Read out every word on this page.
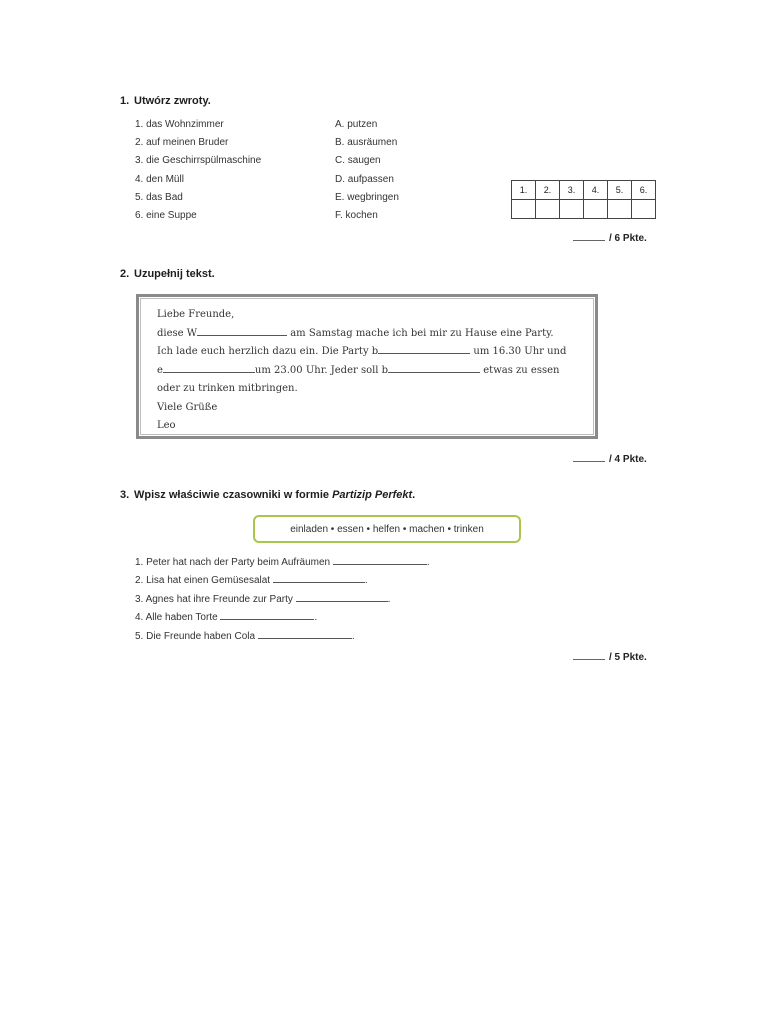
1. Utwórz zwroty.
1. das Wohnzimmer
2. auf meinen Bruder
3. die Geschirrspülmaschine
4. den Müll
5. das Bad
6. eine Suppe
A. putzen
B. ausräumen
C. saugen
D. aufpassen
E. wegbringen
F. kochen
1.	2.	3.	4.	5.	6.

/ 6 Pkte.
2. Uzupełnij tekst.
Liebe Freunde,
diese W	am Samstag mache ich bei mir zu Hause eine Party.
Ich lade euch herzlich dazu ein. Die Party b	um 16.30 Uhr und
e	um 23.00 Uhr. Jeder soll b	etwas zu essen
oder zu trinken mitbringen.
Viele Grüße
Leo
/ 4 Pkte.
3. Wpisz właściwie czasowniki w formie Partizip Perfekt.
einladen • essen • helfen • machen • trinken
1. Peter hat nach der Party beim Aufräumen	.
2. Lisa hat einen Gemüsesalat	.
3. Agnes hat ihre Freunde zur Party	.
4. Alle haben Torte	.
5. Die Freunde haben Cola	.
/ 5 Pkte.
